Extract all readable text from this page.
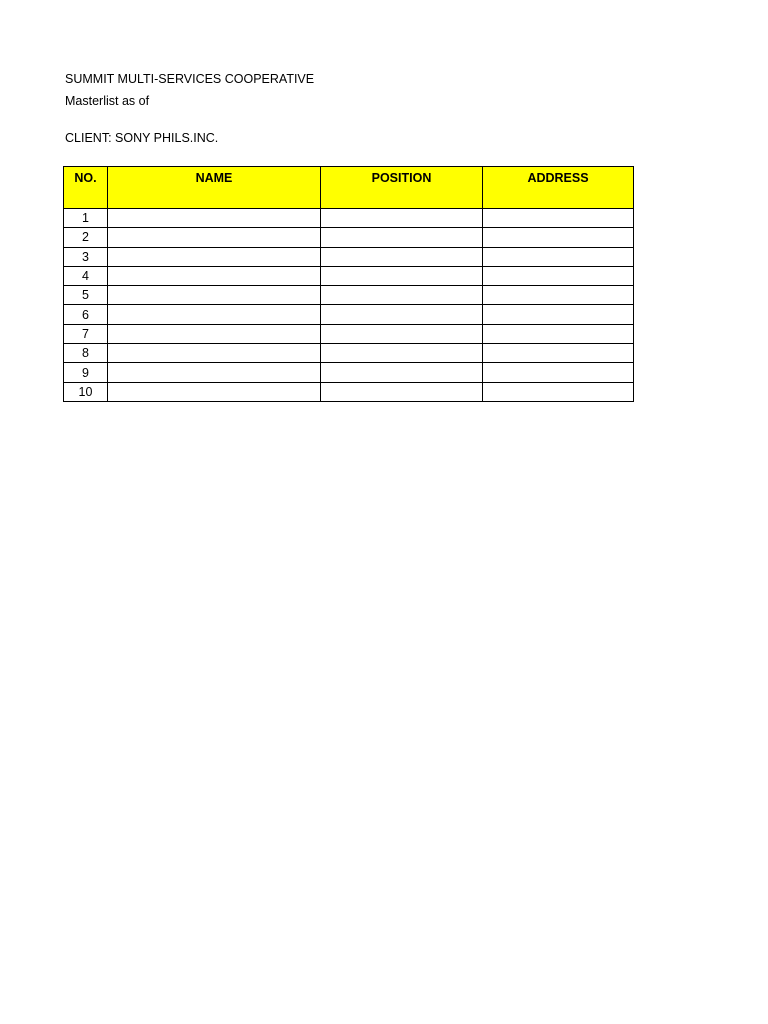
SUMMIT MULTI-SERVICES COOPERATIVE
Masterlist as of
CLIENT: SONY PHILS.INC.
NO.	NAME	POSITION	ADDRESS
1			
2			
3			
4			
5			
6			
7			
8			
9			
10			
